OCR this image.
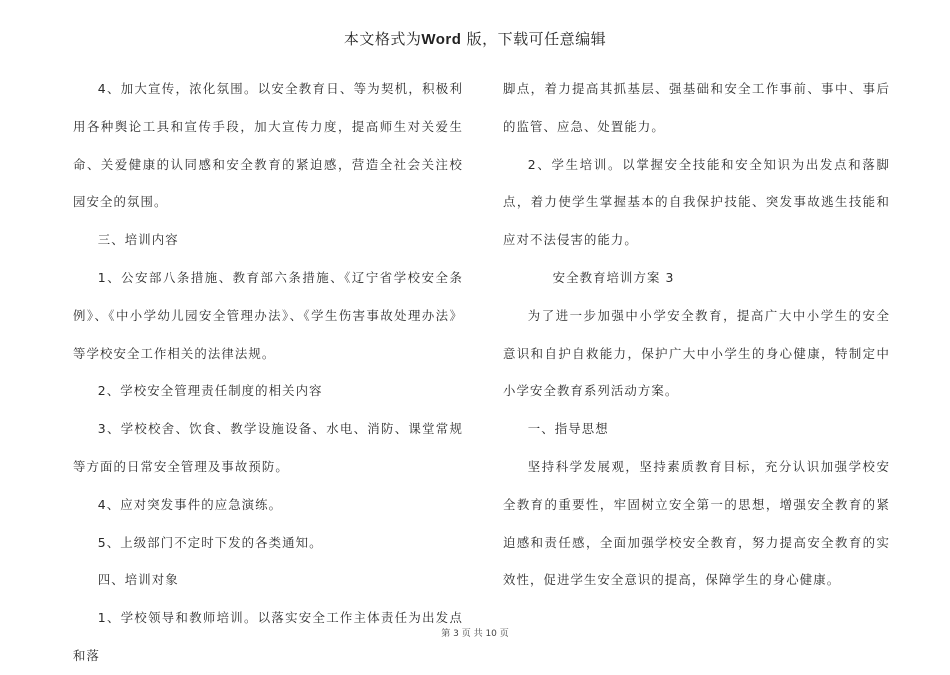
本文格式为Word 版，下载可任意编辑

4、加大宣传，浓化氛围。以安全教育日、等为契机，积极利用各种舆论工具和宣传手段，加大宣传力度，提高师生对关爱生命、关爱健康的认同感和安全教育的紧迫感，营造全社会关注校园安全的氛围。

三、培训内容

1、公安部八条措施、教育部六条措施、《辽宁省学校安全条例》、《中小学幼儿园安全管理办法》、《学生伤害事故处理办法》等学校安全工作相关的法律法规。

2、学校安全管理责任制度的相关内容

3、学校校舍、饮食、教学设施设备、水电、消防、课堂常规等方面的日常安全管理及事故预防。

4、应对突发事件的应急演练。

5、上级部门不定时下发的各类通知。

四、培训对象

1、学校领导和教师培训。以落实安全工作主体责任为出发点和落

脚点，着力提高其抓基层、强基础和安全工作事前、事中、事后的监管、应急、处置能力。

2、学生培训。以掌握安全技能和安全知识为出发点和落脚点，着力使学生掌握基本的自我保护技能、突发事故逃生技能和应对不法侵害的能力。

安全教育培训方案 3

为了进一步加强中小学安全教育，提高广大中小学生的安全意识和自护自救能力，保护广大中小学生的身心健康，特制定中小学安全教育系列活动方案。

一、指导思想

坚持科学发展观，坚持素质教育目标，充分认识加强学校安全教育的重要性，牢固树立安全第一的思想，增强安全教育的紧迫感和责任感，全面加强学校安全教育，努力提高安全教育的实效性，促进学生安全意识的提高，保障学生的身心健康。

第 3 页 共 10 页
